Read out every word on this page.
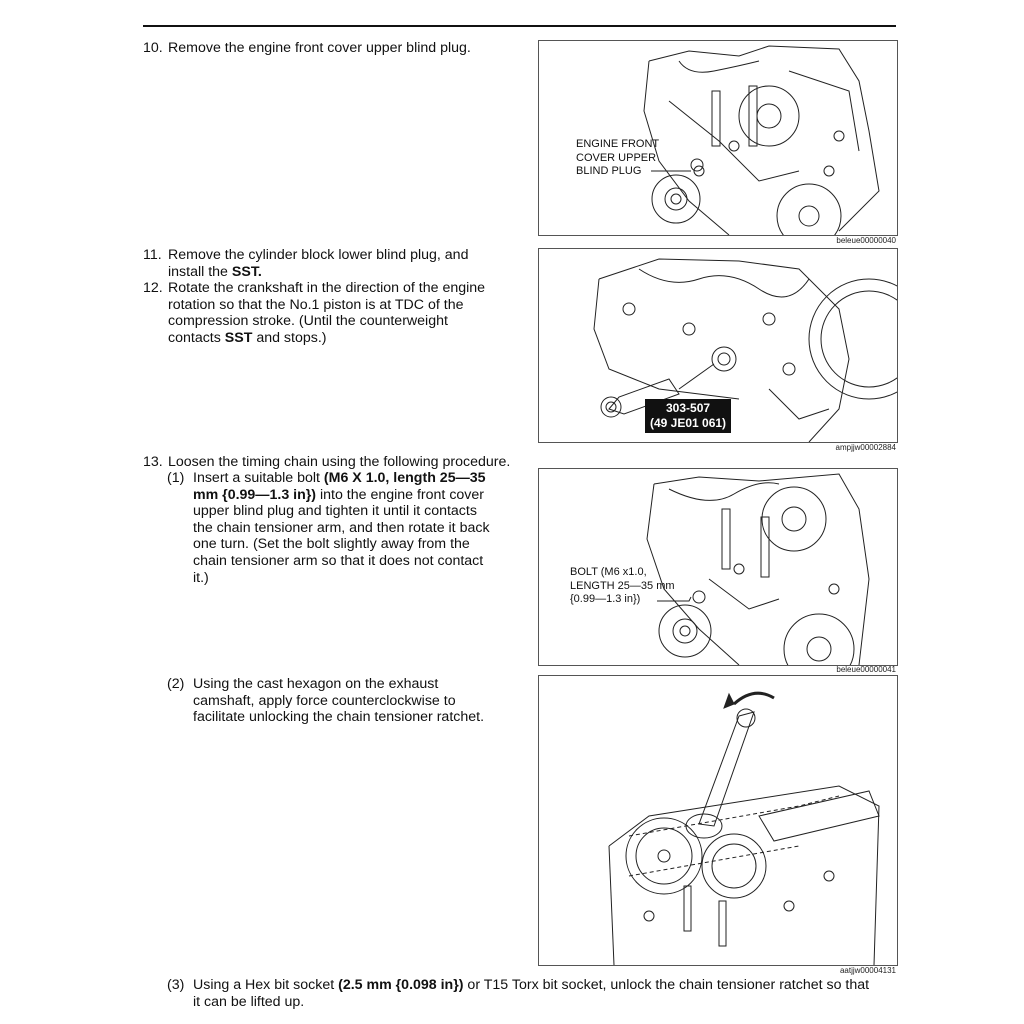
10. Remove the engine front cover upper blind plug.
11. Remove the cylinder block lower blind plug, and
install the SST.
12. Rotate the crankshaft in the direction of the engine
rotation so that the No.1 piston is at TDC of the
compression stroke. (Until the counterweight
contacts SST and stops.)
13. Loosen the timing chain using the following procedure.
(1) Insert a suitable bolt (M6 X 1.0, length 25—35
mm {0.99—1.3 in}) into the engine front cover
upper blind plug and tighten it until it contacts
the chain tensioner arm, and then rotate it back
one turn. (Set the bolt slightly away from the
chain tensioner arm so that it does not contact
it.)
(2) Using the cast hexagon on the exhaust
camshaft, apply force counterclockwise to
facilitate unlocking the chain tensioner ratchet.
(3) Using a Hex bit socket (2.5 mm {0.098 in}) or T15 Torx bit socket, unlock the chain tensioner ratchet so that
it can be lifted up.
ENGINE FRONT
COVER UPPER
BLIND PLUG
beleue00000040
303-507
(49 JE01 061)
ampjjw00002884
BOLT (M6 x1.0,
LENGTH 25—35 mm
{0.99—1.3 in})
beleue00000041
aatjjw00004131
